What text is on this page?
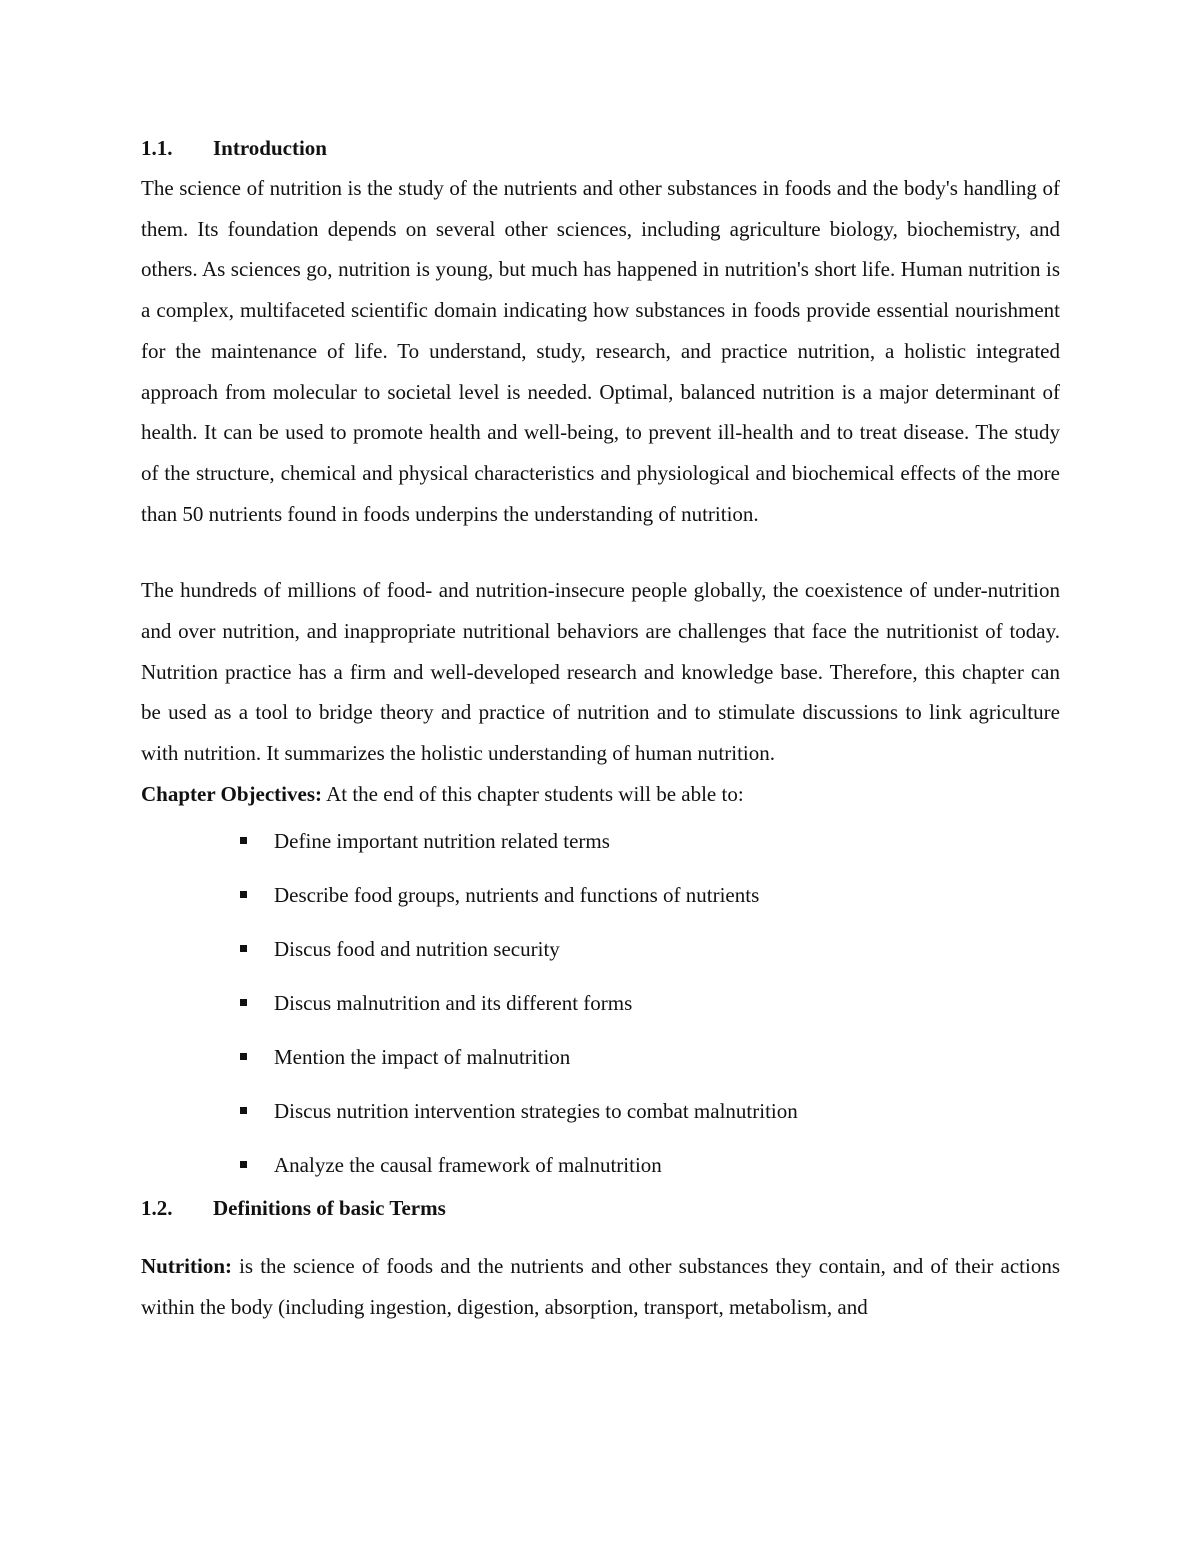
1.1.	Introduction

The science of nutrition is the study of the nutrients and other substances in foods and the body's handling of them. Its foundation depends on several other sciences, including agriculture biology, biochemistry, and others. As sciences go, nutrition is young, but much has happened in nutrition's short life. Human nutrition is a complex, multifaceted scientific domain indicating how substances in foods provide essential nourishment for the maintenance of life. To understand, study, research, and practice nutrition, a holistic integrated approach from molecular to societal level is needed. Optimal, balanced nutrition is a major determinant of health. It can be used to promote health and well-being, to prevent ill-health and to treat disease. The study of the structure, chemical and physical characteristics and physiological and biochemical effects of the more than 50 nutrients found in foods underpins the understanding of nutrition.

The hundreds of millions of food- and nutrition-insecure people globally, the coexistence of under-nutrition and over nutrition, and inappropriate nutritional behaviors are challenges that face the nutritionist of today. Nutrition practice has a firm and well-developed research and knowledge base. Therefore, this chapter can be used as a tool to bridge theory and practice of nutrition and to stimulate discussions to link agriculture with nutrition. It summarizes the holistic understanding of human nutrition.

Chapter Objectives: At the end of this chapter students will be able to:

Define important nutrition related terms
Describe food groups, nutrients and functions of nutrients
Discus food and nutrition security
Discus malnutrition and its different forms
Mention the impact of malnutrition
Discus nutrition intervention strategies to combat malnutrition
Analyze the causal framework of malnutrition
1.2.	Definitions of basic Terms

Nutrition: is the science of foods and the nutrients and other substances they contain, and of their actions within the body (including ingestion, digestion, absorption, transport, metabolism, and
